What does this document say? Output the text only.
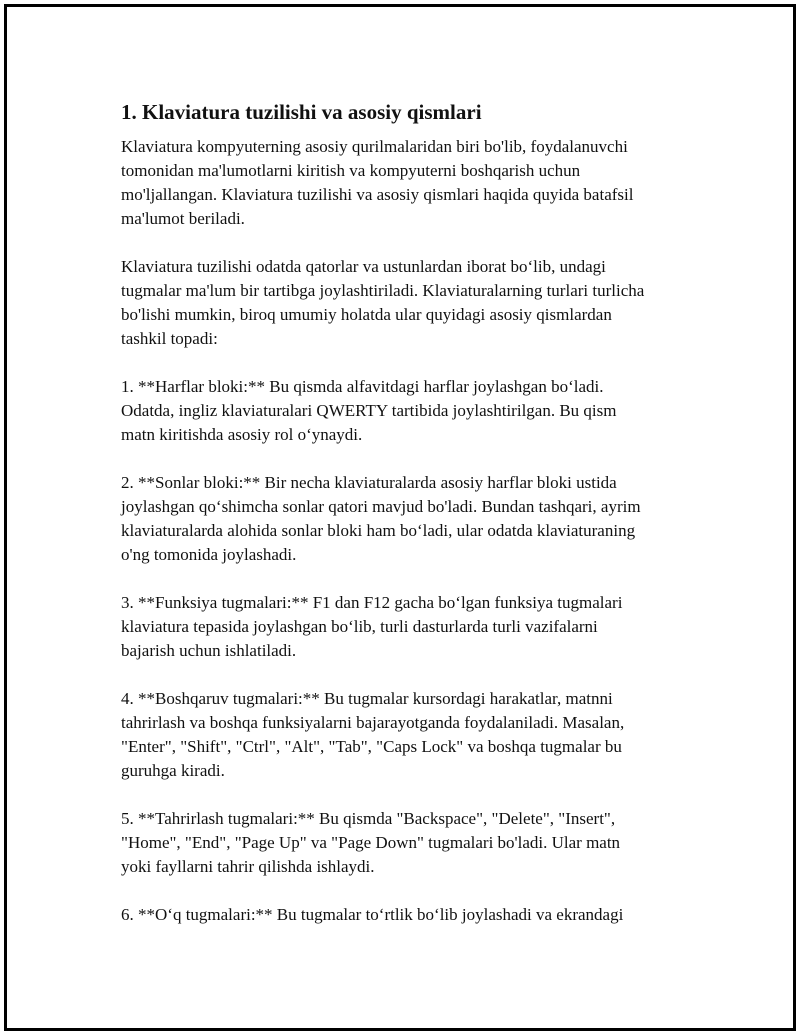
1. Klaviatura tuzilishi va asosiy qismlari

Klaviatura kompyuterning asosiy qurilmalaridan biri bo'lib, foydalanuvchi
tomonidan ma'lumotlarni kiritish va kompyuterni boshqarish uchun
mo'ljallangan. Klaviatura tuzilishi va asosiy qismlari haqida quyida batafsil
ma'lumot beriladi.

Klaviatura tuzilishi odatda qatorlar va ustunlardan iborat bo‘lib, undagi
tugmalar ma'lum bir tartibga joylashtiriladi. Klaviaturalarning turlari turlicha
bo'lishi mumkin, biroq umumiy holatda ular quyidagi asosiy qismlardan
tashkil topadi:

1. **Harflar bloki:** Bu qismda alfavitdagi harflar joylashgan bo‘ladi.
Odatda, ingliz klaviaturalari QWERTY tartibida joylashtirilgan. Bu qism
matn kiritishda asosiy rol o‘ynaydi.

2. **Sonlar bloki:** Bir necha klaviaturalarda asosiy harflar bloki ustida
joylashgan qo‘shimcha sonlar qatori mavjud bo'ladi. Bundan tashqari, ayrim
klaviaturalarda alohida sonlar bloki ham bo‘ladi, ular odatda klaviaturaning
o'ng tomonida joylashadi.

3. **Funksiya tugmalari:** F1 dan F12 gacha bo‘lgan funksiya tugmalari
klaviatura tepasida joylashgan bo‘lib, turli dasturlarda turli vazifalarni
bajarish uchun ishlatiladi.

4. **Boshqaruv tugmalari:** Bu tugmalar kursordagi harakatlar, matnni
tahrirlash va boshqa funksiyalarni bajarayotganda foydalaniladi. Masalan,
"Enter", "Shift", "Ctrl", "Alt", "Tab", "Caps Lock" va boshqa tugmalar bu
guruhga kiradi.

5. **Tahrirlash tugmalari:** Bu qismda "Backspace", "Delete", "Insert",
"Home", "End", "Page Up" va "Page Down" tugmalari bo'ladi. Ular matn
yoki fayllarni tahrir qilishda ishlaydi.

6. **O‘q tugmalari:** Bu tugmalar to‘rtlik bo‘lib joylashadi va ekrandagi
